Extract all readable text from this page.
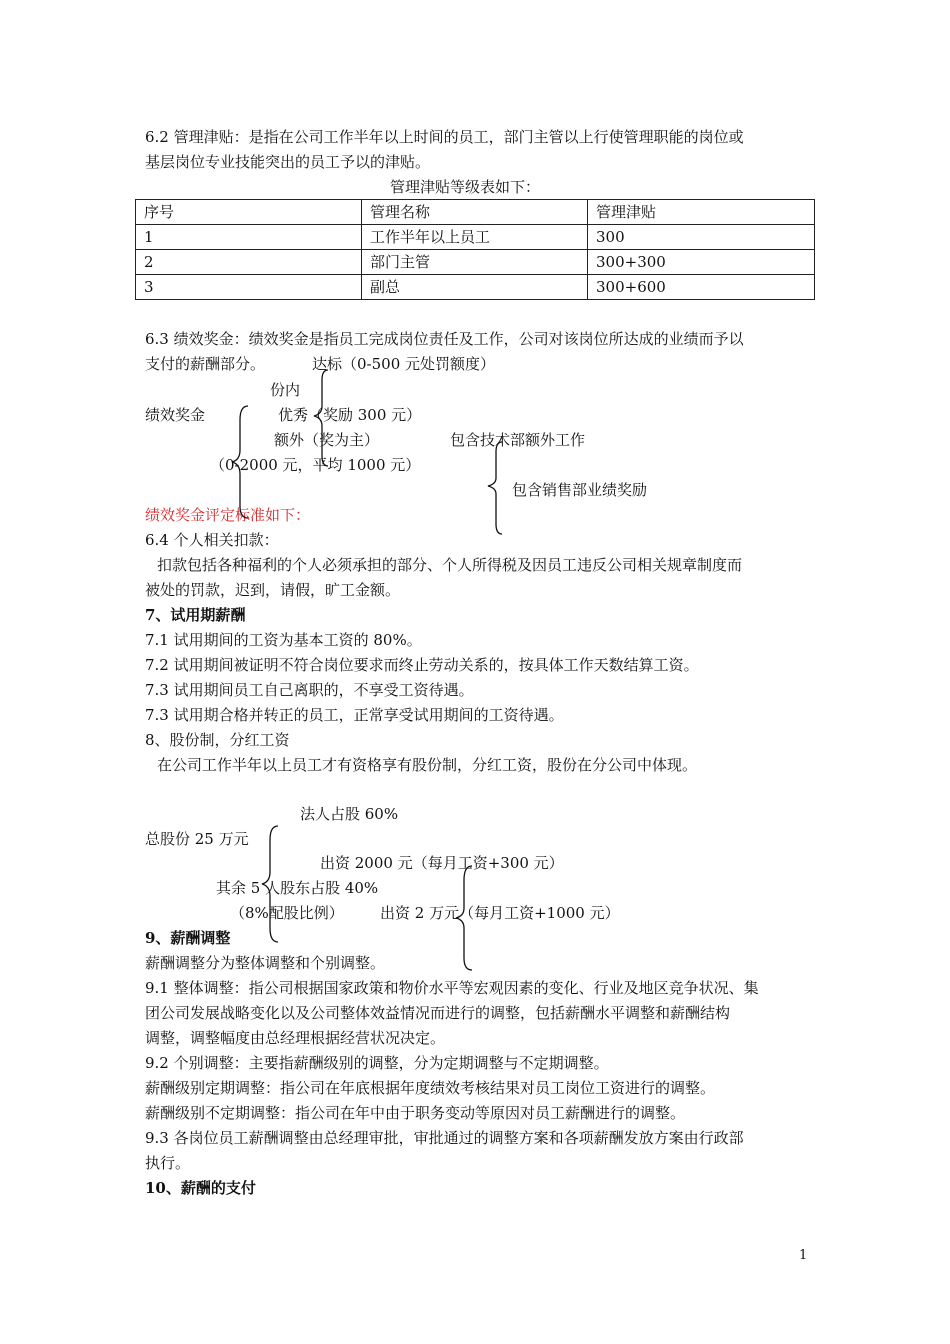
6.2 管理津贴：是指在公司工作半年以上时间的员工，部门主管以上行使管理职能的岗位或
基层岗位专业技能突出的员工予以的津贴。
管理津贴等级表如下：
序号	管理名称	管理津贴
1	工作半年以上员工	300
2	部门主管	300+300
3	副总	300+600
6.3 绩效奖金：绩效奖金是指员工完成岗位责任及工作，公司对该岗位所达成的业绩而予以
支付的薪酬部分。	达标（0-500 元处罚额度）
份内
绩效奖金	优秀（奖励 300 元）
额外（奖为主）	包含技术部额外工作
（0-2000 元，平均 1000 元）
包含销售部业绩奖励
绩效奖金评定标准如下：
6.4 个人相关扣款：
扣款包括各种福利的个人必须承担的部分、个人所得税及因员工违反公司相关规章制度而
被处的罚款，迟到，请假，旷工金额。
7、试用期薪酬
7.1 试用期间的工资为基本工资的 80%。
7.2 试用期间被证明不符合岗位要求而终止劳动关系的，按具体工作天数结算工资。
7.3 试用期间员工自己离职的，不享受工资待遇。
7.3 试用期合格并转正的员工，正常享受试用期间的工资待遇。
8、股份制，分红工资
在公司工作半年以上员工才有资格享有股份制，分红工资，股份在分公司中体现。
法人占股 60%
总股份 25 万元
出资 2000 元（每月工资+300 元）
其余 5 人股东占股 40%
（8%配股比例） 出资 2 万元（每月工资+1000 元）
9、薪酬调整
薪酬调整分为整体调整和个别调整。
9.1 整体调整：指公司根据国家政策和物价水平等宏观因素的变化、行业及地区竞争状况、集
团公司发展战略变化以及公司整体效益情况而进行的调整，包括薪酬水平调整和薪酬结构
调整，调整幅度由总经理根据经营状况决定。
9.2 个别调整：主要指薪酬级别的调整，分为定期调整与不定期调整。
薪酬级别定期调整：指公司在年底根据年度绩效考核结果对员工岗位工资进行的调整。
薪酬级别不定期调整：指公司在年中由于职务变动等原因对员工薪酬进行的调整。
9.3 各岗位员工薪酬调整由总经理审批，审批通过的调整方案和各项薪酬发放方案由行政部
执行。
10、薪酬的支付
1
